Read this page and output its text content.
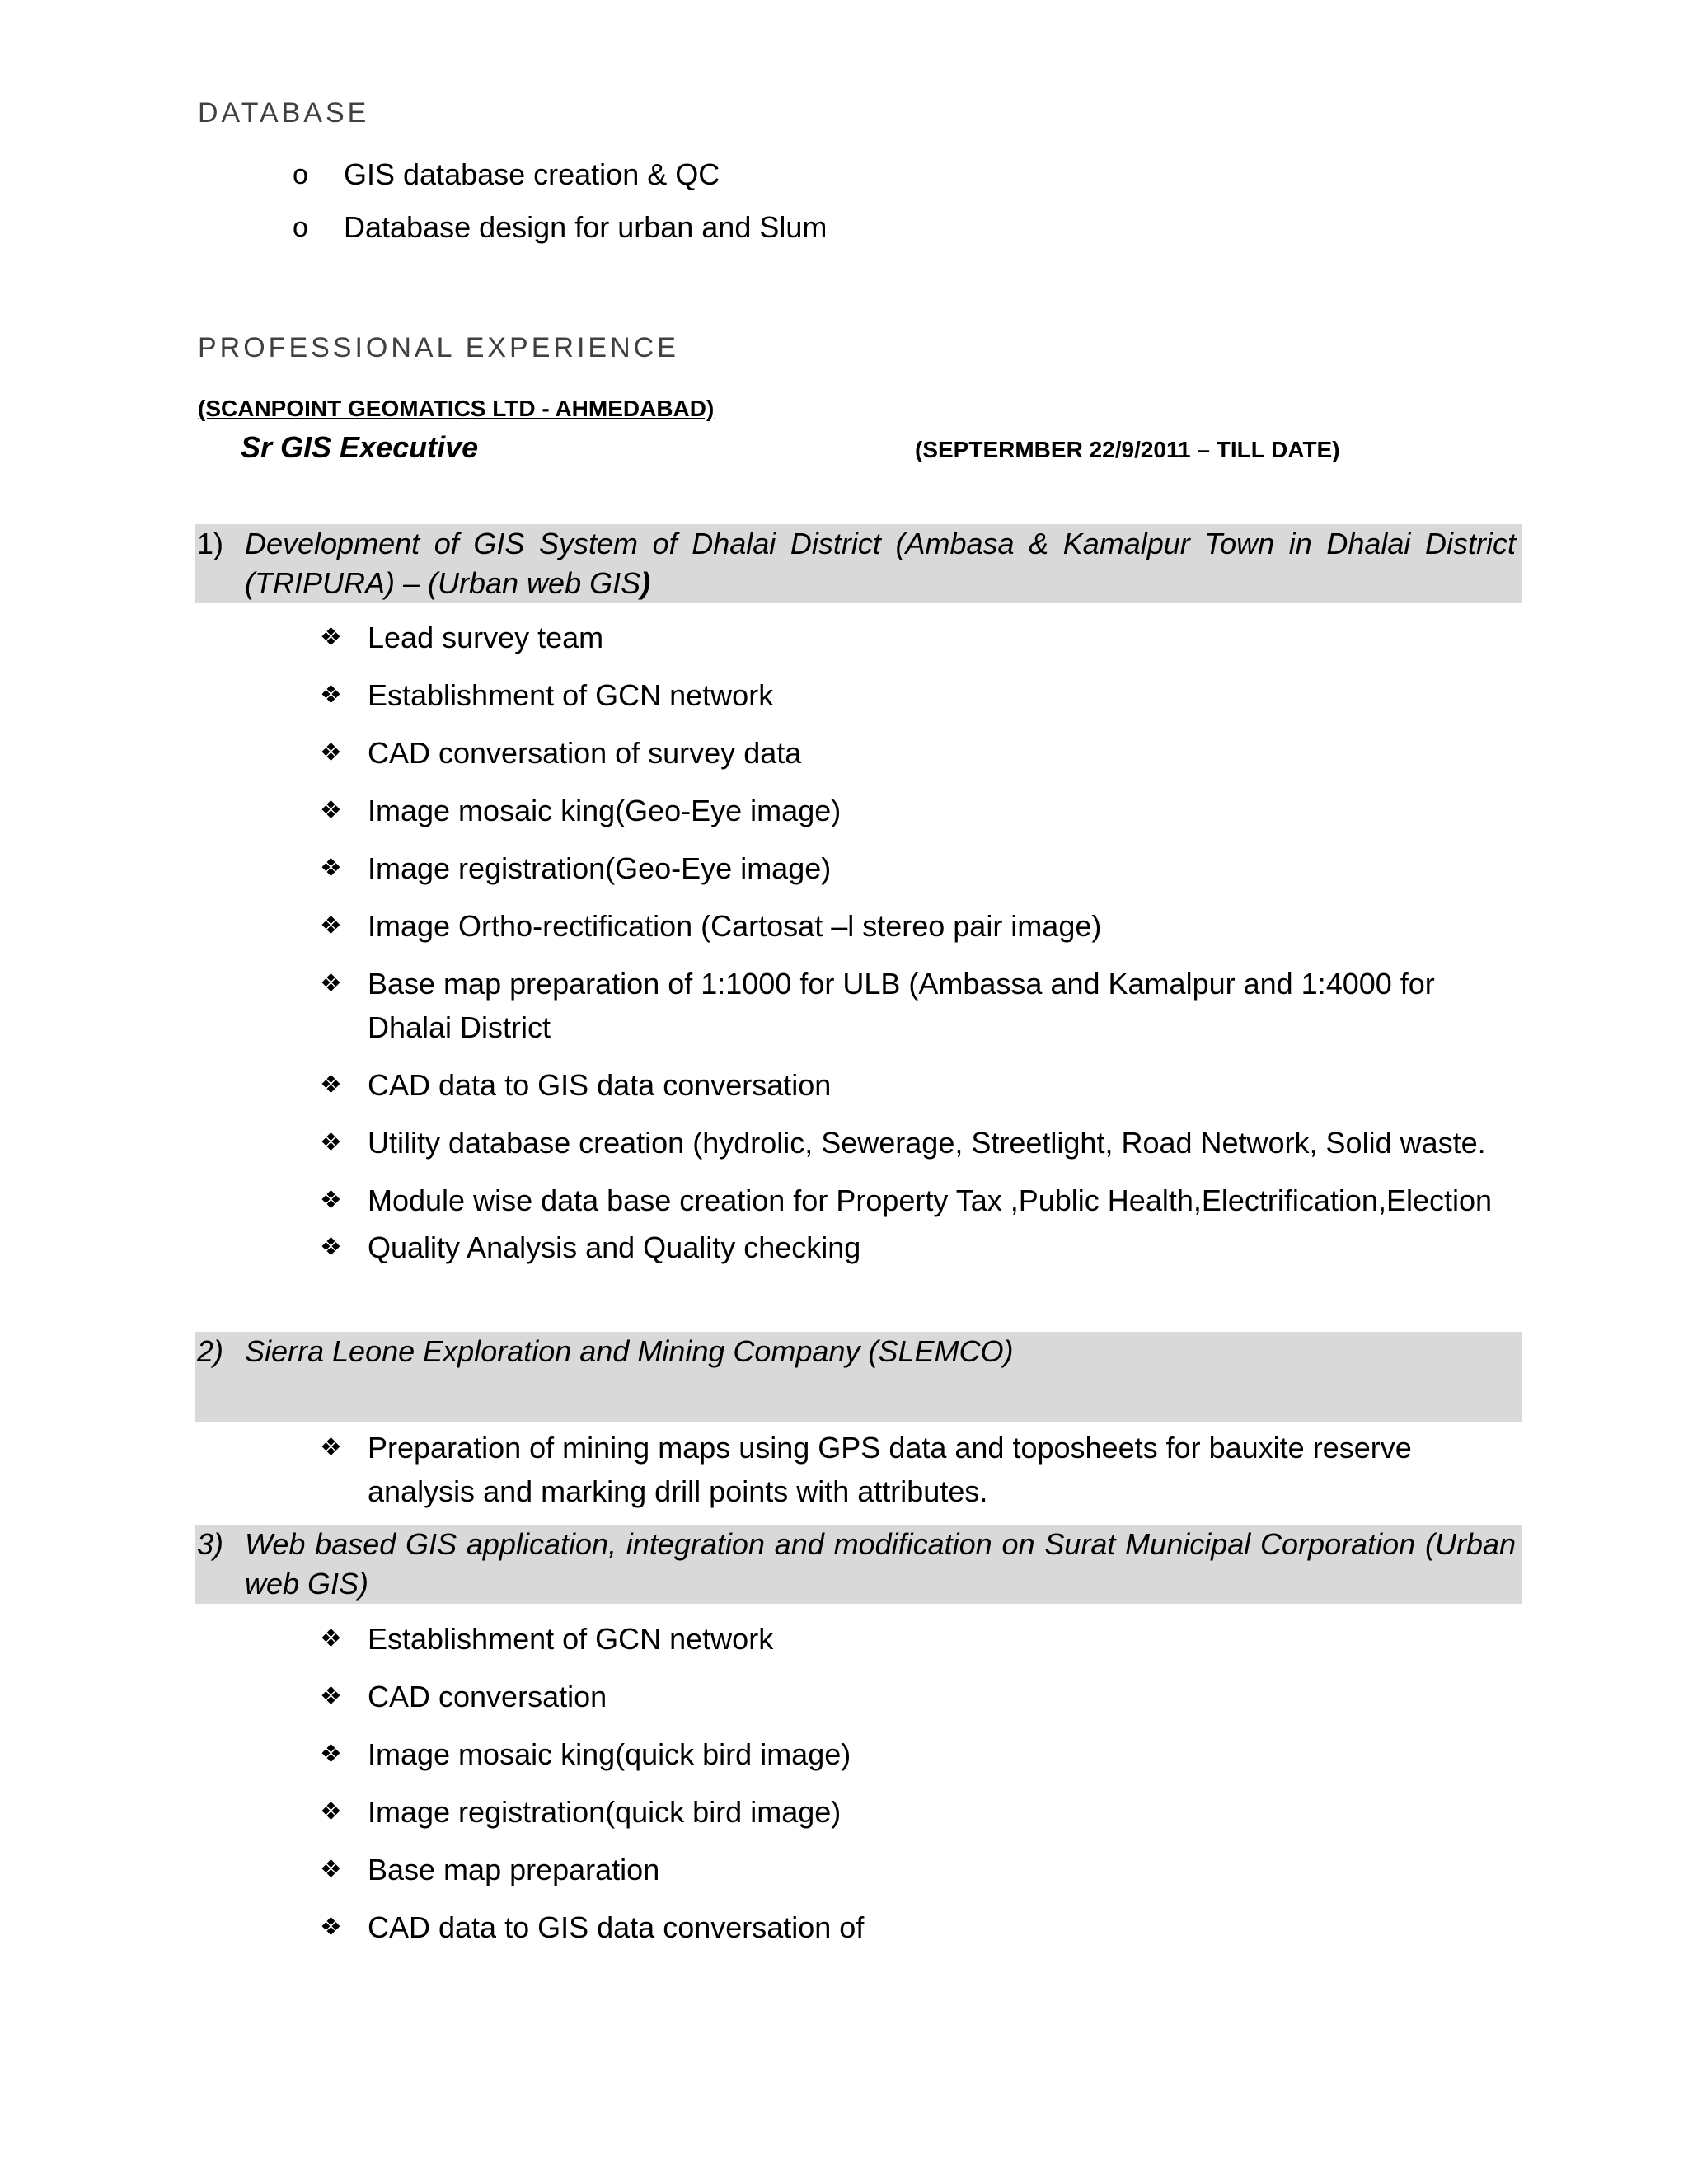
DATABASE
o GIS database creation & QC
o Database design for urban and Slum
PROFESSIONAL EXPERIENCE

(SCANPOINT GEOMATICS LTD - AHMEDABAD)

Sr GIS Executive	(SEPTERMBER 22/9/2011 – TILL DATE)
1) Development of GIS System of Dhalai District (Ambasa & Kamalpur Town in Dhalai District (TRIPURA) – (Urban web GIS)
❖ Lead survey team
❖ Establishment of GCN network
❖ CAD conversation of survey data
❖ Image mosaic king(Geo-Eye image)
❖ Image registration(Geo-Eye image)
❖ Image Ortho-rectification (Cartosat –l stereo pair image)
❖ Base map preparation of 1:1000 for ULB (Ambassa and Kamalpur and 1:4000 for Dhalai District
❖ CAD data to GIS data conversation
❖ Utility database creation (hydrolic, Sewerage, Streetlight, Road Network, Solid waste.
❖ Module wise data base creation for Property Tax ,Public Health,Electrification,Election
❖ Quality Analysis and Quality checking
2) Sierra Leone Exploration and Mining Company (SLEMCO)
❖ Preparation of mining maps using GPS data and toposheets for bauxite reserve analysis and marking drill points with attributes.
3) Web based GIS application, integration and modification on Surat Municipal Corporation (Urban web GIS)
❖ Establishment of GCN network
❖ CAD conversation
❖ Image mosaic king(quick bird image)
❖ Image registration(quick bird image)
❖ Base map preparation
❖ CAD data to GIS data conversation of
